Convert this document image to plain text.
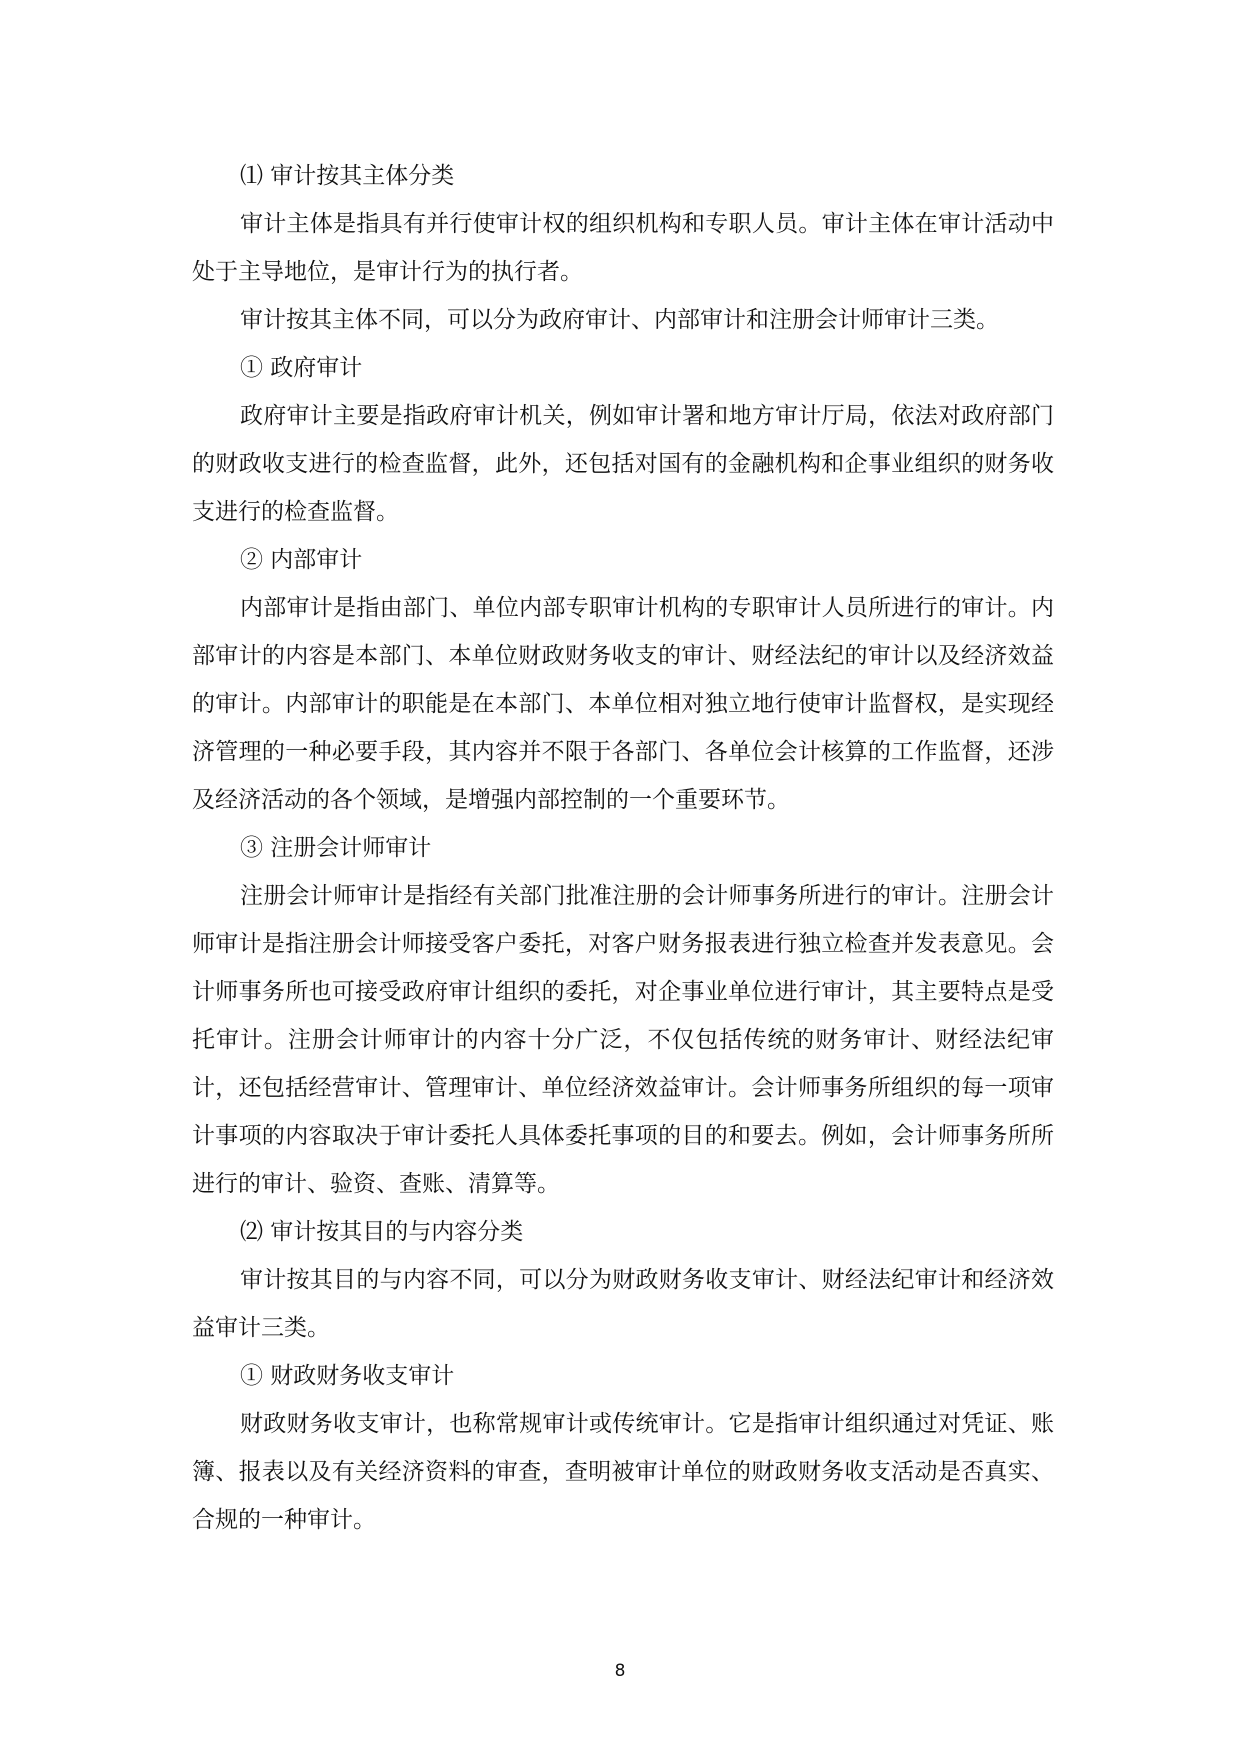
⑴ 审计按其主体分类

审计主体是指具有并行使审计权的组织机构和专职人员。审计主体在审计活动中处于主导地位，是审计行为的执行者。

审计按其主体不同，可以分为政府审计、内部审计和注册会计师审计三类。

① 政府审计

政府审计主要是指政府审计机关，例如审计署和地方审计厅局，依法对政府部门的财政收支进行的检查监督，此外，还包括对国有的金融机构和企事业组织的财务收支进行的检查监督。

② 内部审计

内部审计是指由部门、单位内部专职审计机构的专职审计人员所进行的审计。内部审计的内容是本部门、本单位财政财务收支的审计、财经法纪的审计以及经济效益的审计。内部审计的职能是在本部门、本单位相对独立地行使审计监督权，是实现经济管理的一种必要手段，其内容并不限于各部门、各单位会计核算的工作监督，还涉及经济活动的各个领域，是增强内部控制的一个重要环节。

③ 注册会计师审计

注册会计师审计是指经有关部门批准注册的会计师事务所进行的审计。注册会计师审计是指注册会计师接受客户委托，对客户财务报表进行独立检查并发表意见。会计师事务所也可接受政府审计组织的委托，对企事业单位进行审计，其主要特点是受托审计。注册会计师审计的内容十分广泛，不仅包括传统的财务审计、财经法纪审计，还包括经营审计、管理审计、单位经济效益审计。会计师事务所组织的每一项审计事项的内容取决于审计委托人具体委托事项的目的和要去。例如，会计师事务所所进行的审计、验资、查账、清算等。

⑵ 审计按其目的与内容分类

审计按其目的与内容不同，可以分为财政财务收支审计、财经法纪审计和经济效益审计三类。

① 财政财务收支审计

财政财务收支审计，也称常规审计或传统审计。它是指审计组织通过对凭证、账簿、报表以及有关经济资料的审查，查明被审计单位的财政财务收支活动是否真实、合规的一种审计。

8
